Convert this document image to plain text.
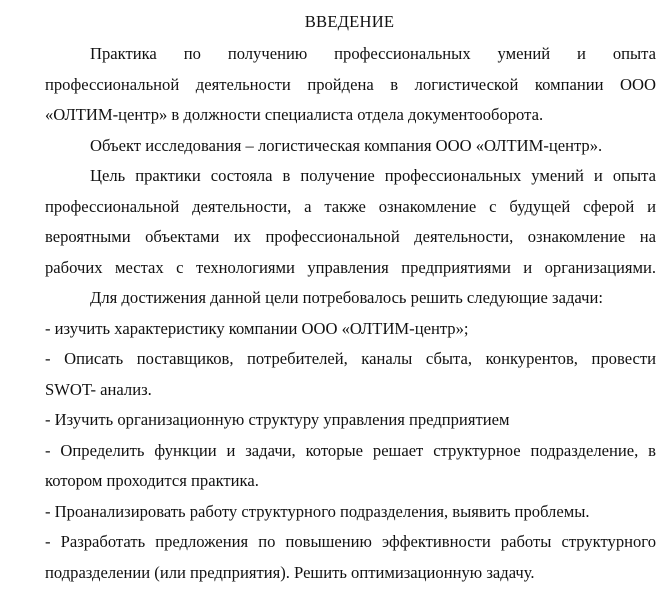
ВВЕДЕНИЕ
Практика по получению профессиональных умений и опыта
профессиональной деятельности пройдена в логистической компании ООО
«ОЛТИМ-центр» в должности специалиста отдела документооборота.
Объект исследования – логистическая компания ООО «ОЛТИМ-центр».
Цель практики состояла в получение профессиональных умений и опыта
профессиональной деятельности, а также ознакомление с будущей сферой и
вероятными объектами их профессиональной деятельности, ознакомление на
рабочих местах с технологиями управления предприятиями и организациями.
Для достижения данной цели потребовалось решить следующие задачи:
- изучить характеристику компании ООО «ОЛТИМ-центр»;
- Описать поставщиков, потребителей, каналы сбыта, конкурентов, провести
SWOT- анализ.
- Изучить организационную структуру управления предприятием
- Определить функции и задачи, которые решает структурное подразделение, в
котором проходится практика.
- Проанализировать работу структурного подразделения, выявить проблемы.
- Разработать предложения по повышению эффективности работы структурного
подразделении (или предприятия). Решить оптимизационную задачу.
